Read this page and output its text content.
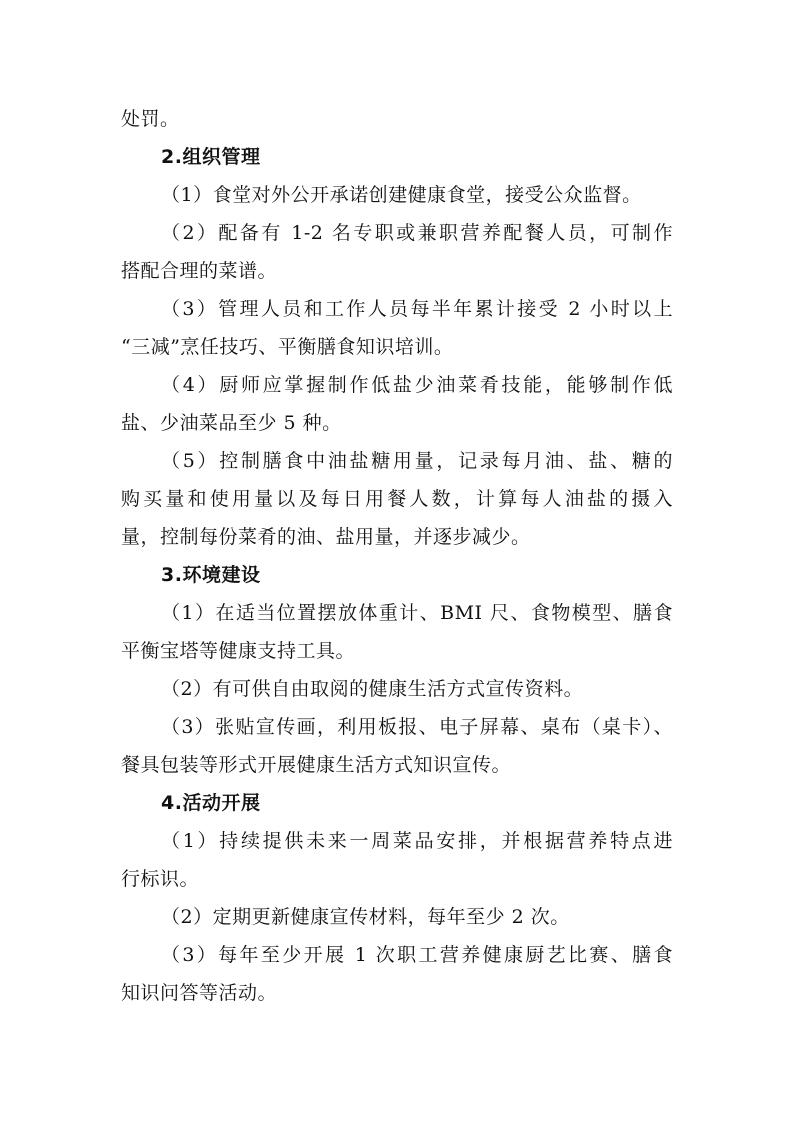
处罚。
2.组织管理
（1）食堂对外公开承诺创建健康食堂，接受公众监督。
（2）配备有 1-2 名专职或兼职营养配餐人员，可制作
搭配合理的菜谱。
（3）管理人员和工作人员每半年累计接受 2 小时以上
“三减”烹任技巧、平衡膳食知识培训。
（4）厨师应掌握制作低盐少油菜肴技能，能够制作低
盐、少油菜品至少 5 种。
（5）控制膳食中油盐糖用量，记录每月油、盐、糖的
购买量和使用量以及每日用餐人数，计算每人油盐的摄入
量，控制每份菜肴的油、盐用量，并逐步减少。
3.环境建设
（1）在适当位置摆放体重计、BMI 尺、食物模型、膳食
平衡宝塔等健康支持工具。
（2）有可供自由取阅的健康生活方式宣传资料。
（3）张贴宣传画，利用板报、电子屏幕、桌布（桌卡）、
餐具包装等形式开展健康生活方式知识宣传。
4.活动开展
（1）持续提供未来一周菜品安排，并根据营养特点进
行标识。
（2）定期更新健康宣传材料，每年至少 2 次。
（3）每年至少开展 1 次职工营养健康厨艺比赛、膳食
知识问答等活动。
